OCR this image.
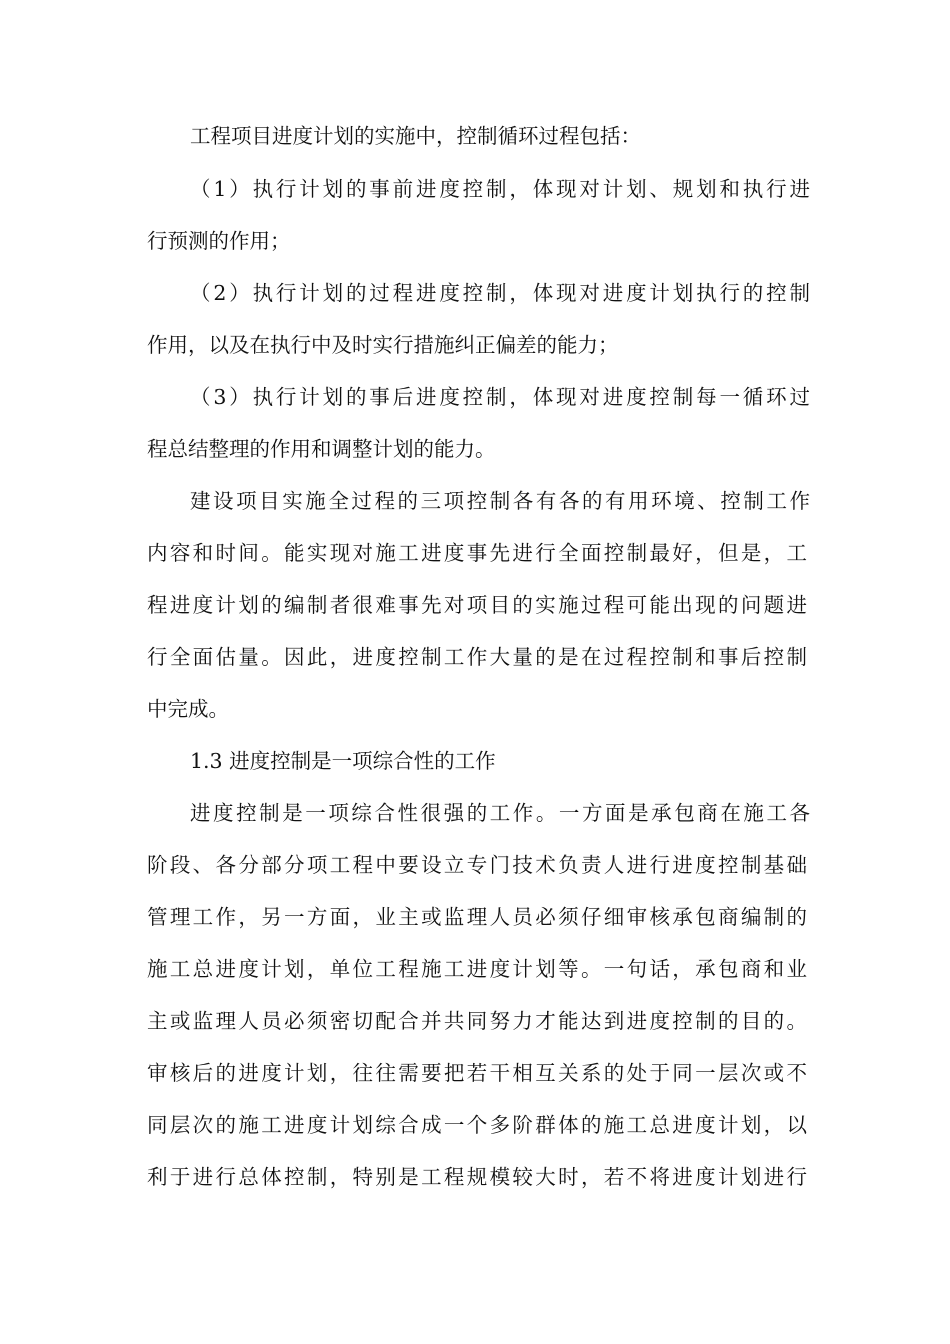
工程项目进度计划的实施中，控制循环过程包括：
（1）执行计划的事前进度控制，体现对计划、规划和执行进
行预测的作用；
（2）执行计划的过程进度控制，体现对进度计划执行的控制
作用，以及在执行中及时实行措施纠正偏差的能力；
（3）执行计划的事后进度控制，体现对进度控制每一循环过
程总结整理的作用和调整计划的能力。
建设项目实施全过程的三项控制各有各的有用环境、控制工作
内容和时间。能实现对施工进度事先进行全面控制最好，但是，工
程进度计划的编制者很难事先对项目的实施过程可能出现的问题进
行全面估量。因此，进度控制工作大量的是在过程控制和事后控制
中完成。
1.3 进度控制是一项综合性的工作
进度控制是一项综合性很强的工作。一方面是承包商在施工各
阶段、各分部分项工程中要设立专门技术负责人进行进度控制基础
管理工作，另一方面，业主或监理人员必须仔细审核承包商编制的
施工总进度计划，单位工程施工进度计划等。一句话，承包商和业
主或监理人员必须密切配合并共同努力才能达到进度控制的目的。
审核后的进度计划，往往需要把若干相互关系的处于同一层次或不
同层次的施工进度计划综合成一个多阶群体的施工总进度计划，以
利于进行总体控制，特别是工程规模较大时，若不将进度计划进行
